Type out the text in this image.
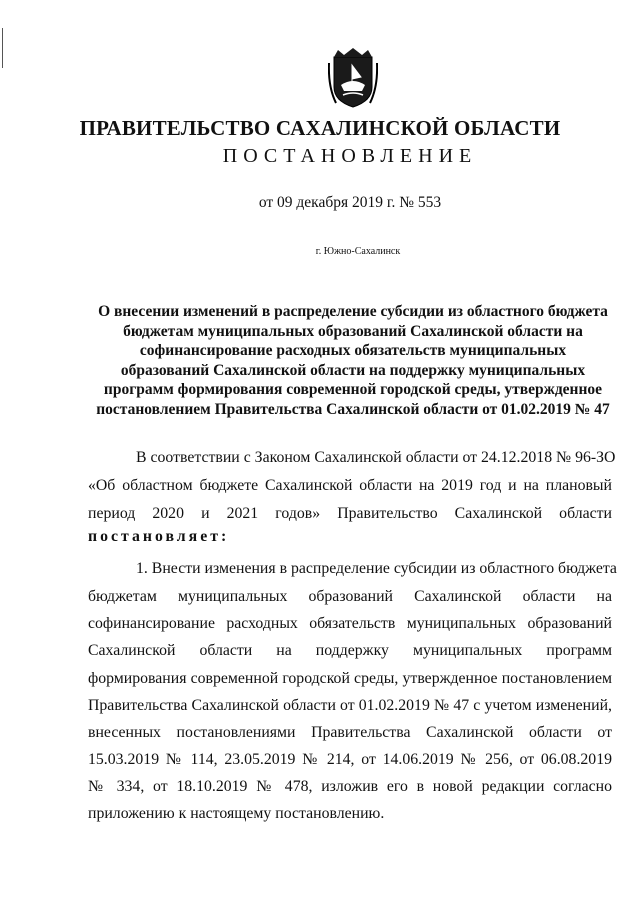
ПРАВИТЕЛЬСТВО САХАЛИНСКОЙ ОБЛАСТИ
ПОСТАНОВЛЕНИЕ
от 09 декабря 2019 г. № 553
г. Южно-Сахалинск
О внесении изменений в распределение субсидии из областного бюджета
бюджетам муниципальных образований Сахалинской области на
софинансирование расходных обязательств муниципальных
образований Сахалинской области на поддержку муниципальных
программ формирования современной городской среды, утвержденное
постановлением Правительства Сахалинской области от 01.02.2019 № 47
В соответствии с Законом Сахалинской области от 24.12.2018 № 96-ЗО
«Об областном бюджете Сахалинской области на 2019 год и на плановый
период 2020 и 2021 годов» Правительство Сахалинской области
постановляет:
1. Внести изменения в распределение субсидии из областного бюджета
бюджетам муниципальных образований Сахалинской области на
софинансирование расходных обязательств муниципальных образований
Сахалинской области на поддержку муниципальных программ
формирования современной городской среды, утвержденное постановлением
Правительства Сахалинской области от 01.02.2019 № 47 с учетом изменений,
внесенных постановлениями Правительства Сахалинской области от
15.03.2019 № 114, 23.05.2019 № 214, от 14.06.2019 № 256, от 06.08.2019
№ 334, от 18.10.2019 № 478, изложив его в новой редакции согласно
приложению к настоящему постановлению.
